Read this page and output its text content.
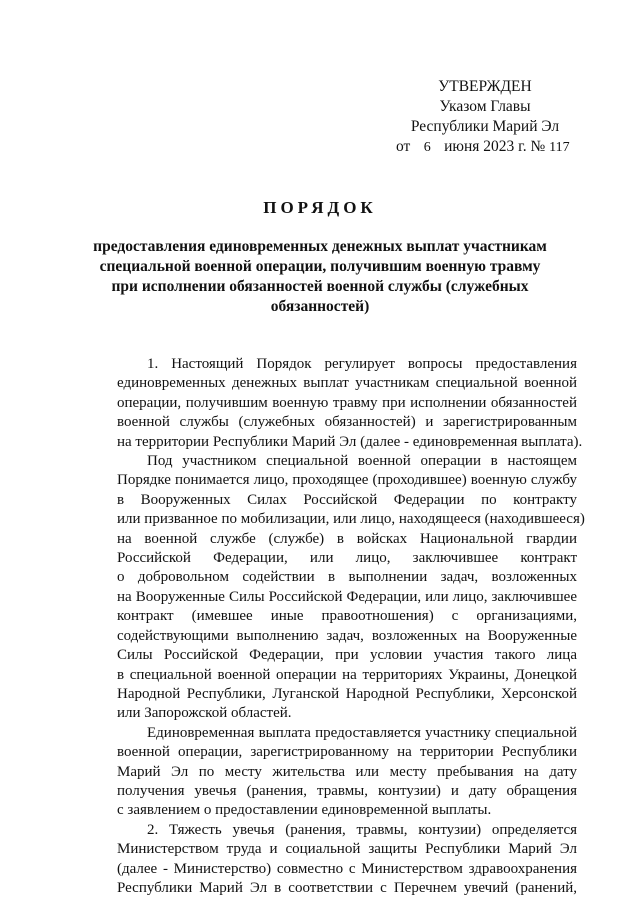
УТВЕРЖДЕН
Указом Главы
Республики Марий Эл
от 6 июня 2023 г. № 117
ПОРЯДОК
предоставления единовременных денежных выплат участникам
специальной военной операции, получившим военную травму
при исполнении обязанностей военной службы (служебных
обязанностей)
1. Настоящий Порядок регулирует вопросы предоставления
единовременных денежных выплат участникам специальной военной
операции, получившим военную травму при исполнении обязанностей
военной службы (служебных обязанностей) и зарегистрированным
на территории Республики Марий Эл (далее - единовременная выплата).
Под участником специальной военной операции в настоящем
Порядке понимается лицо, проходящее (проходившее) военную службу
в Вооруженных Силах Российской Федерации по контракту
или призванное по мобилизации, или лицо, находящееся (находившееся)
на военной службе (службе) в войсках Национальной гвардии
Российской Федерации, или лицо, заключившее контракт
о добровольном содействии в выполнении задач, возложенных
на Вооруженные Силы Российской Федерации, или лицо, заключившее
контракт (имевшее иные правоотношения) с организациями,
содействующими выполнению задач, возложенных на Вооруженные
Силы Российской Федерации, при условии участия такого лица
в специальной военной операции на территориях Украины, Донецкой
Народной Республики, Луганской Народной Республики, Херсонской
или Запорожской областей.
Единовременная выплата предоставляется участнику специальной
военной операции, зарегистрированному на территории Республики
Марий Эл по месту жительства или месту пребывания на дату
получения увечья (ранения, травмы, контузии) и дату обращения
с заявлением о предоставлении единовременной выплаты.
2. Тяжесть увечья (ранения, травмы, контузии) определяется
Министерством труда и социальной защиты Республики Марий Эл
(далее - Министерство) совместно с Министерством здравоохранения
Республики Марий Эл в соответствии с Перечнем увечий (ранений,
